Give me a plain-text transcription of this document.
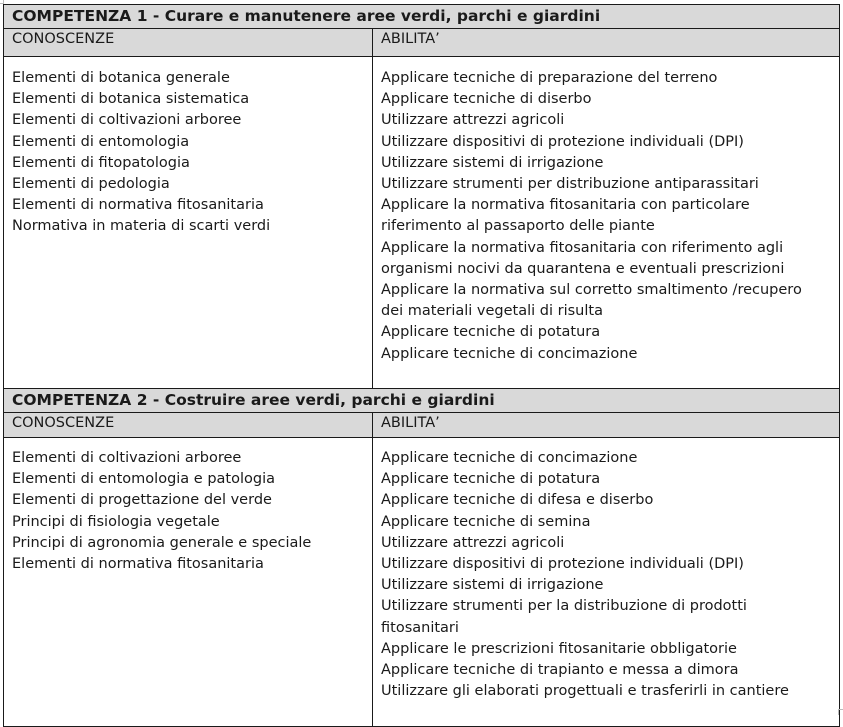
COMPETENZA 1 - Curare e manutenere aree verdi, parchi e giardini	
CONOSCENZE	ABILITA’

Elementi di botanica generale
Elementi di botanica sistematica
Elementi di coltivazioni arboree
Elementi di entomologia
Elementi di fitopatologia
Elementi di pedologia
Elementi di normativa fitosanitaria
Normativa in materia di scarti verdi

Applicare tecniche di preparazione del terreno
Applicare tecniche di diserbo
Utilizzare attrezzi agricoli
Utilizzare dispositivi di protezione individuali (DPI)
Utilizzare sistemi di irrigazione
Utilizzare strumenti per distribuzione antiparassitari
Applicare la normativa fitosanitaria con particolare
riferimento al passaporto delle piante
Applicare la normativa fitosanitaria con riferimento agli
organismi nocivi da quarantena e eventuali prescrizioni
Applicare la normativa sul corretto smaltimento /recupero
dei materiali vegetali di risulta
Applicare tecniche di potatura
Applicare tecniche di concimazione

COMPETENZA 2 - Costruire aree verdi, parchi e giardini	
CONOSCENZE	ABILITA’

Elementi di coltivazioni arboree
Elementi di entomologia e patologia
Elementi di progettazione del verde
Principi di fisiologia vegetale
Principi di agronomia generale e speciale
Elementi di normativa fitosanitaria

Applicare tecniche di concimazione
Applicare tecniche di potatura
Applicare tecniche di difesa e diserbo
Applicare tecniche di semina
Utilizzare attrezzi agricoli
Utilizzare dispositivi di protezione individuali (DPI)
Utilizzare sistemi di irrigazione
Utilizzare strumenti per la distribuzione di prodotti
fitosanitari
Applicare le prescrizioni fitosanitarie obbligatorie
Applicare tecniche di trapianto e messa a dimora
Utilizzare gli elaborati progettuali e trasferirli in cantiere
